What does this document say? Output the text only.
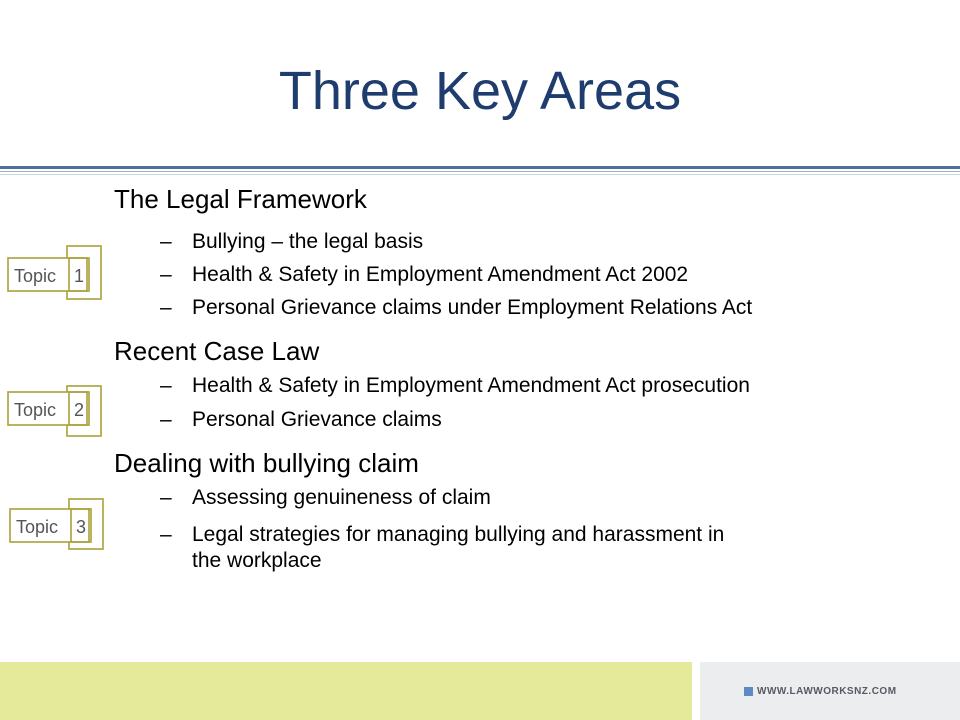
Three Key Areas
The Legal Framework
– Bullying – the legal basis
– Health & Safety in Employment Amendment Act 2002
– Personal Grievance claims under Employment Relations Act
Recent Case Law
– Health & Safety in Employment Amendment Act prosecution
– Personal Grievance claims
Dealing with bullying claim
– Assessing genuineness of claim
– Legal strategies for managing bullying and harassment in
the workplace
Topic 1
Topic 2
Topic 3
WWW.LAWWORKSNZ.COM
